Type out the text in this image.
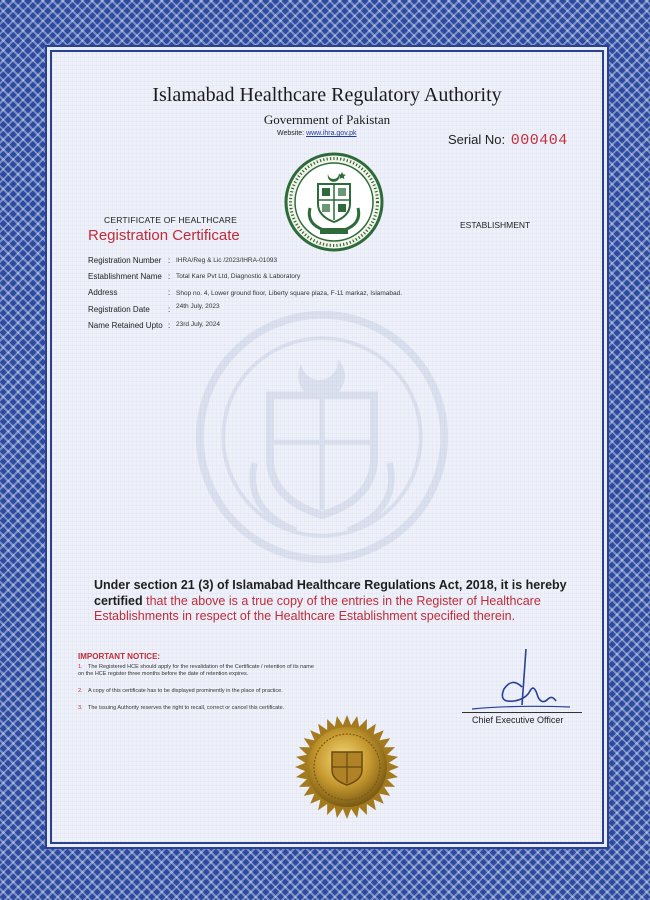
Islamabad Healthcare Regulatory Authority
Government of Pakistan
Website: www.ihra.gov.pk	Serial No: 000404
CERTIFICATE OF HEALTHCARE
Registration Certificate
ESTABLISHMENT
Registration Number : IHRA/Reg & Lic /2023/IHRA-01093
Establishment Name : Total Kare Pvt Ltd, Diagnostic & Laboratory
Address	: Shop no. 4, Lower ground floor, Liberty square plaza, F-11 markaz, Islamabad.
Registration Date : 24th July, 2023
Name Retained Upto : 23rd July, 2024
Under section 21 (3) of Islamabad Healthcare Regulations Act, 2018, it is hereby certified that the above is a true copy of the entries in the Register of Healthcare Establishments in respect of the Healthcare Establishment specified therein.
IMPORTANT NOTICE:
1. The Registered HCE should apply for the revalidation of the Certificate / retention of its name on the HCE register three months before the date of retention expires.
2. A copy of this certificate has to be displayed prominently in the place of practice.
3. The issuing Authority reserves the right to recall, correct or cancel this certificate.
Chief Executive Officer
